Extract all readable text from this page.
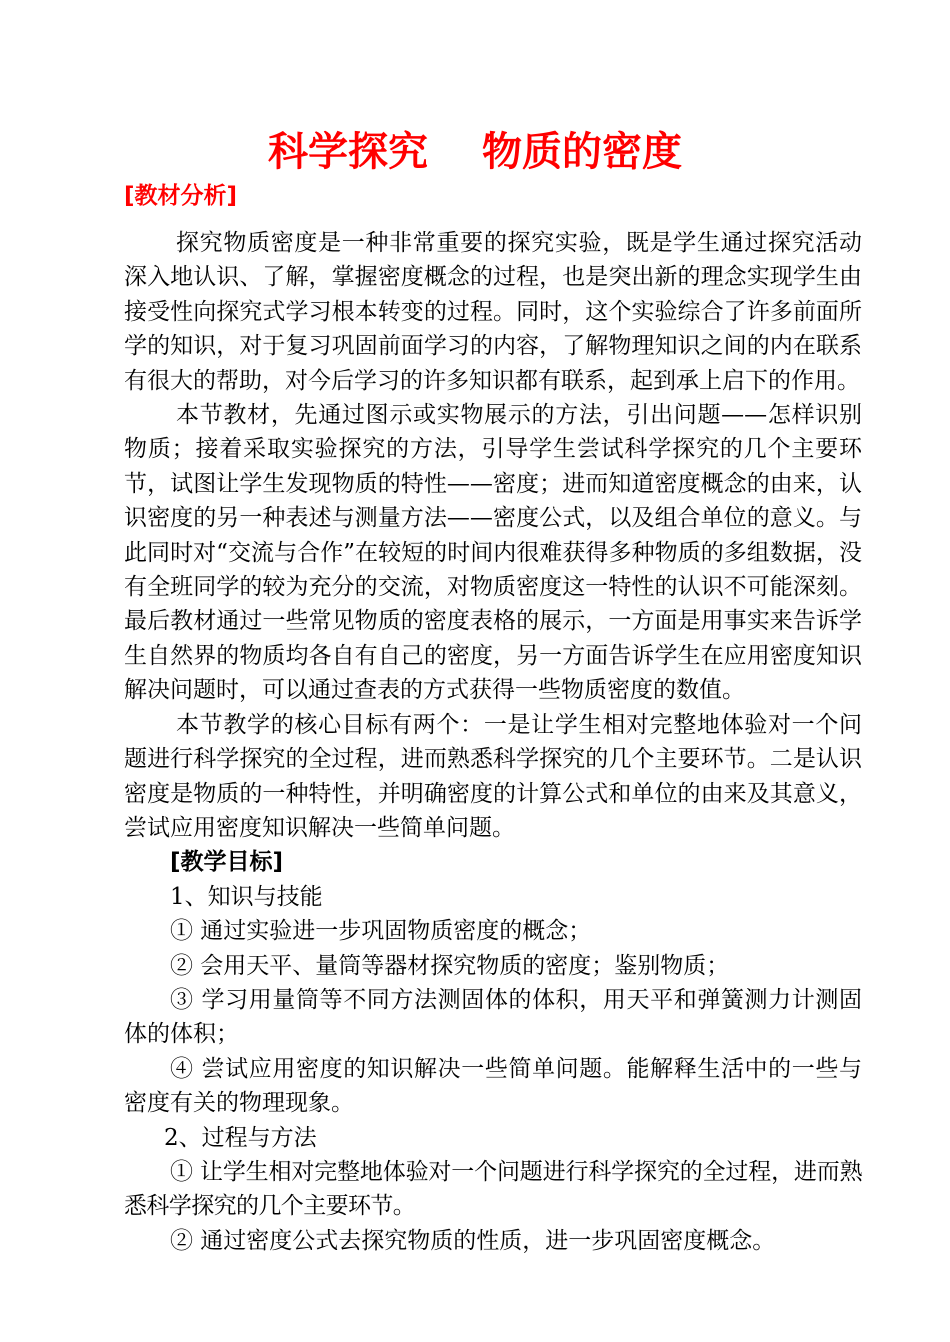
科学探究　 物质的密度
[教材分析]

探究物质密度是一种非常重要的探究实验，既是学生通过探究活动深入地认识、了解，掌握密度概念的过程，也是突出新的理念实现学生由接受性向探究式学习根本转变的过程。同时，这个实验综合了许多前面所学的知识，对于复习巩固前面学习的内容，了解物理知识之间的内在联系有很大的帮助，对今后学习的许多知识都有联系，起到承上启下的作用。

本节教材，先通过图示或实物展示的方法，引出问题——怎样识别物质；接着采取实验探究的方法，引导学生尝试科学探究的几个主要环节，试图让学生发现物质的特性——密度；进而知道密度概念的由来，认识密度的另一种表述与测量方法——密度公式，以及组合单位的意义。与此同时对“交流与合作”在较短的时间内很难获得多种物质的多组数据，没有全班同学的较为充分的交流，对物质密度这一特性的认识不可能深刻。最后教材通过一些常见物质的密度表格的展示，一方面是用事实来告诉学生自然界的物质均各自有自己的密度，另一方面告诉学生在应用密度知识解决问题时，可以通过查表的方式获得一些物质密度的数值。

本节教学的核心目标有两个：一是让学生相对完整地体验对一个问题进行科学探究的全过程，进而熟悉科学探究的几个主要环节。二是认识密度是物质的一种特性，并明确密度的计算公式和单位的由来及其意义，尝试应用密度知识解决一些简单问题。

[教学目标]

1、知识与技能

① 通过实验进一步巩固物质密度的概念；

② 会用天平、量筒等器材探究物质的密度；鉴别物质；

③ 学习用量筒等不同方法测固体的体积，用天平和弹簧测力计测固体的体积；

④ 尝试应用密度的知识解决一些简单问题。能解释生活中的一些与密度有关的物理现象。

2、过程与方法

① 让学生相对完整地体验对一个问题进行科学探究的全过程，进而熟悉科学探究的几个主要环节。

② 通过密度公式去探究物质的性质，进一步巩固密度概念。
